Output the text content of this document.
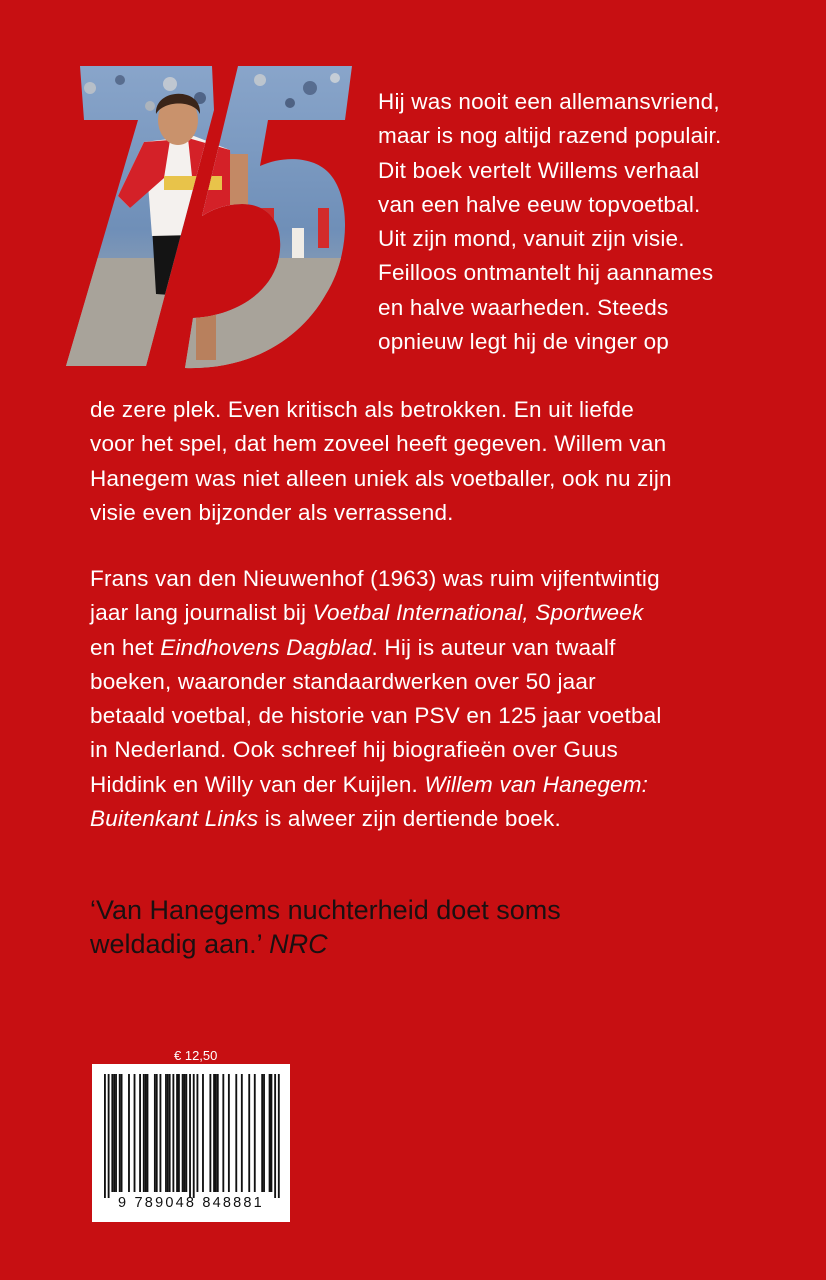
Hij was nooit een allemansvriend,
maar is nog altijd razend populair.
Dit boek vertelt Willems verhaal
van een halve eeuw topvoetbal.
Uit zijn mond, vanuit zijn visie.
Feilloos ontmantelt hij aannames
en halve waarheden. Steeds
opnieuw legt hij de vinger op

de zere plek. Even kritisch als betrokken. En uit liefde
voor het spel, dat hem zoveel heeft gegeven. Willem van
Hanegem was niet alleen uniek als voetballer, ook nu zijn
visie even bijzonder als verrassend.

Frans van den Nieuwenhof (1963) was ruim vijfentwintig
jaar lang journalist bij Voetbal International, Sportweek
en het Eindhovens Dagblad. Hij is auteur van twaalf
boeken, waaronder standaardwerken over 50 jaar
betaald voetbal, de historie van PSV en 125 jaar voetbal
in Nederland. Ook schreef hij biografieën over Guus
Hiddink en Willy van der Kuijlen. Willem van Hanegem:
Buitenkant Links is alweer zijn dertiende boek.

‘Van Hanegems nuchterheid doet soms
weldadig aan.’ NRC

€ 12,50
9 789048 848881
